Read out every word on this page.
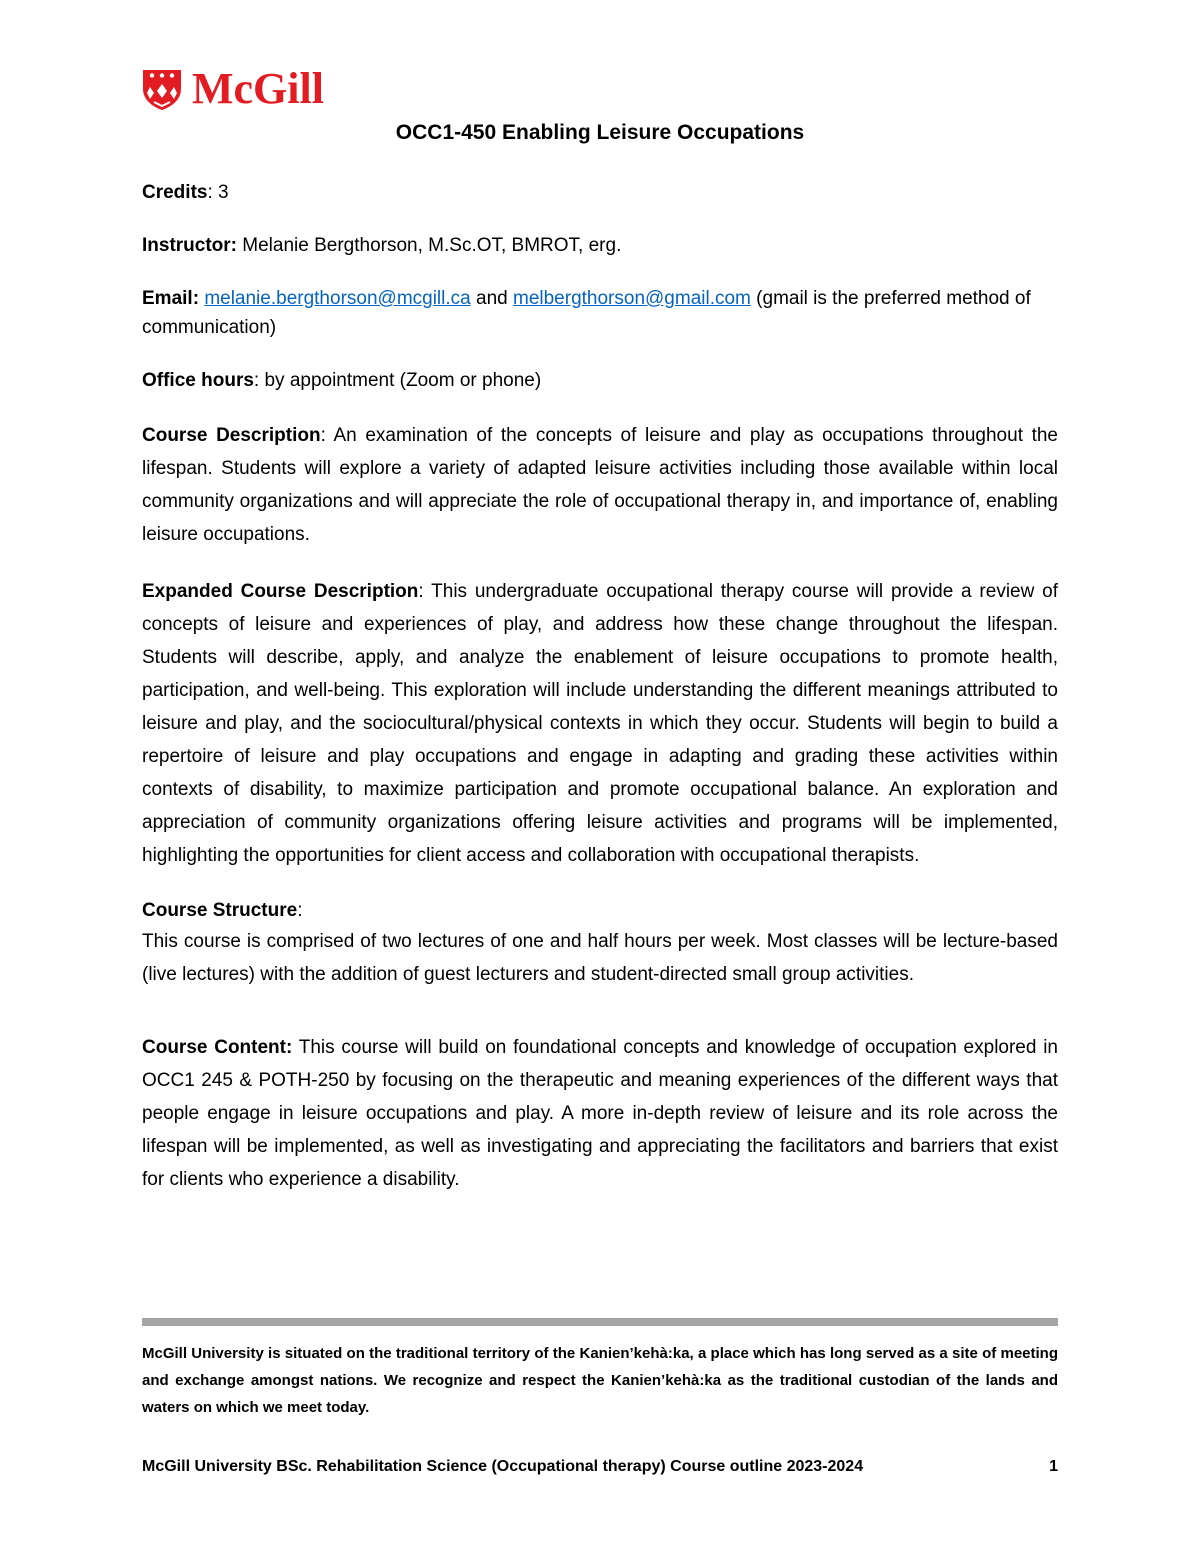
McGill
OCC1-450 Enabling Leisure Occupations

Credits: 3

Instructor: Melanie Bergthorson, M.Sc.OT, BMROT, erg.

Email: melanie.bergthorson@mcgill.ca and melbergthorson@gmail.com (gmail is the preferred method of communication)

Office hours: by appointment (Zoom or phone)

Course Description: An examination of the concepts of leisure and play as occupations throughout the lifespan. Students will explore a variety of adapted leisure activities including those available within local community organizations and will appreciate the role of occupational therapy in, and importance of, enabling leisure occupations.

Expanded Course Description: This undergraduate occupational therapy course will provide a review of concepts of leisure and experiences of play, and address how these change throughout the lifespan. Students will describe, apply, and analyze the enablement of leisure occupations to promote health, participation, and well-being. This exploration will include understanding the different meanings attributed to leisure and play, and the sociocultural/physical contexts in which they occur. Students will begin to build a repertoire of leisure and play occupations and engage in adapting and grading these activities within contexts of disability, to maximize participation and promote occupational balance. An exploration and appreciation of community organizations offering leisure activities and programs will be implemented, highlighting the opportunities for client access and collaboration with occupational therapists.

Course Structure:

This course is comprised of two lectures of one and half hours per week. Most classes will be lecture-based (live lectures) with the addition of guest lecturers and student-directed small group activities.

Course Content: This course will build on foundational concepts and knowledge of occupation explored in OCC1 245 & POTH-250 by focusing on the therapeutic and meaning experiences of the different ways that people engage in leisure occupations and play. A more in-depth review of leisure and its role across the lifespan will be implemented, as well as investigating and appreciating the facilitators and barriers that exist for clients who experience a disability.

McGill University is situated on the traditional territory of the Kanien’kehà:ka, a place which has long served as a site of meeting and exchange amongst nations. We recognize and respect the Kanien’kehà:ka as the traditional custodian of the lands and waters on which we meet today.
McGill University BSc. Rehabilitation Science (Occupational therapy) Course outline 2023-2024	1
